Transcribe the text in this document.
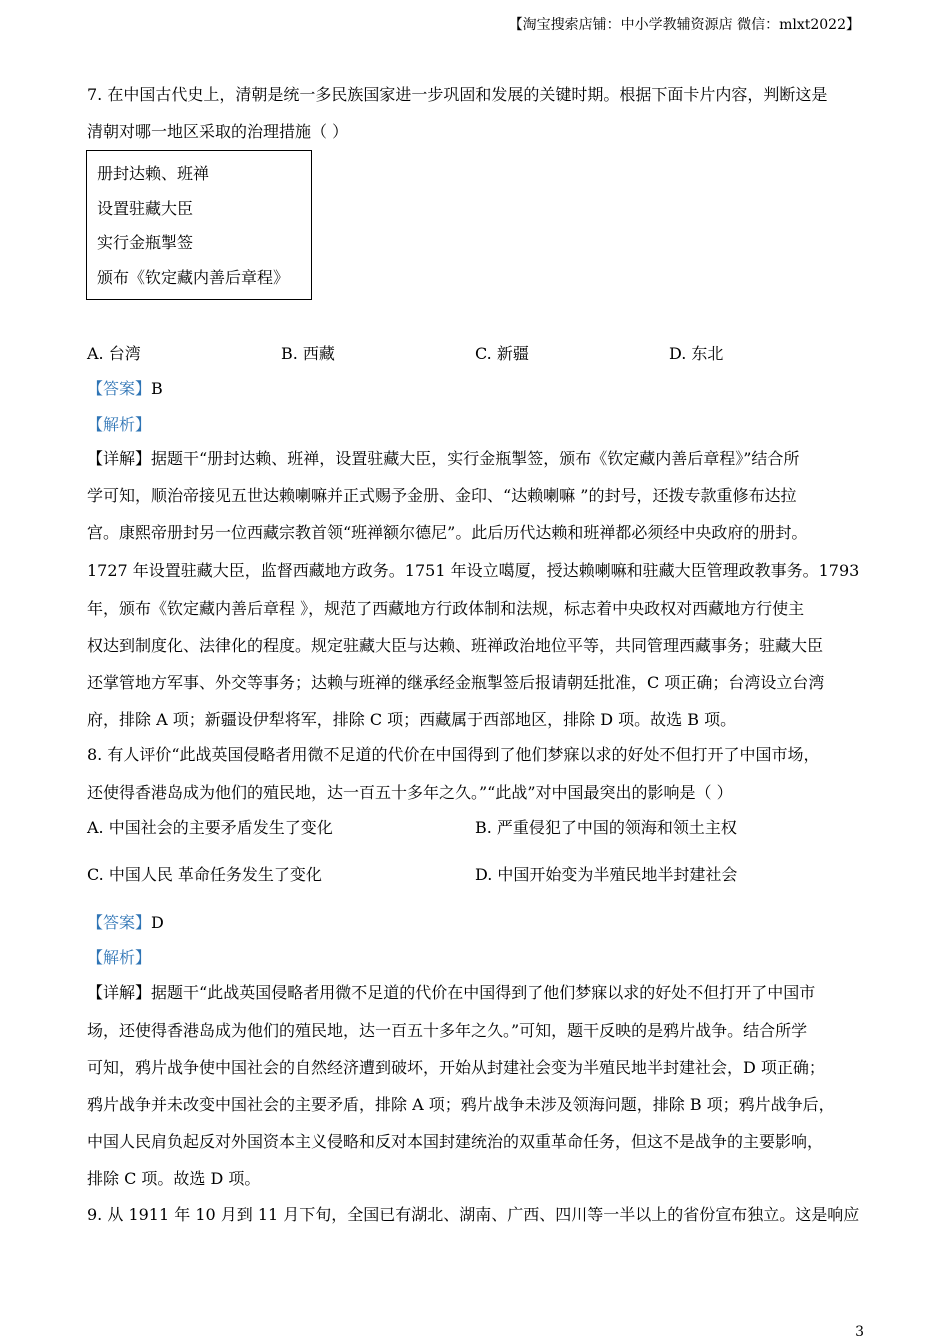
【淘宝搜索店铺：中小学教辅资源店 微信：mlxt2022】
7. 在中国古代史上，清朝是统一多民族国家进一步巩固和发展的关键时期。根据下面卡片内容，判断这是
清朝对哪一地区采取的治理措施（ ）
册封达赖、班禅
设置驻藏大臣
实行金瓶掣签
颁布《钦定藏内善后章程》
A. 台湾	B. 西藏	C. 新疆	D. 东北
【答案】B
【解析】
【详解】据题干“册封达赖、班禅，设置驻藏大臣，实行金瓶掣签，颁布《钦定藏内善后章程》”结合所
学可知，顺治帝接见五世达赖喇嘛并正式赐予金册、金印、“达赖喇嘛 ”的封号，还拨专款重修布达拉
宫。康熙帝册封另一位西藏宗教首领“班禅额尔德尼”。此后历代达赖和班禅都必须经中央政府的册封。
1727 年设置驻藏大臣，监督西藏地方政务。1751 年设立噶厦，授达赖喇嘛和驻藏大臣管理政教事务。1793
年，颁布《钦定藏内善后章程 》，规范了西藏地方行政体制和法规，标志着中央政权对西藏地方行使主
权达到制度化、法律化的程度。规定驻藏大臣与达赖、班禅政治地位平等，共同管理西藏事务；驻藏大臣
还掌管地方军事、外交等事务；达赖与班禅的继承经金瓶掣签后报请朝廷批准，C 项正确；台湾设立台湾
府，排除 A 项；新疆设伊犁将军，排除 C 项；西藏属于西部地区，排除 D 项。故选 B 项。
8. 有人评价“此战英国侵略者用微不足道的代价在中国得到了他们梦寐以求的好处不但打开了中国市场，
还使得香港岛成为他们的殖民地，达一百五十多年之久。”“此战”对中国最突出的影响是（ ）
A. 中国社会的主要矛盾发生了变化	B. 严重侵犯了中国的领海和领土主权
C. 中国人民 革命任务发生了变化	D. 中国开始变为半殖民地半封建社会
【答案】D
【解析】
【详解】据题干“此战英国侵略者用微不足道的代价在中国得到了他们梦寐以求的好处不但打开了中国市
场，还使得香港岛成为他们的殖民地，达一百五十多年之久。”可知，题干反映的是鸦片战争。结合所学
可知，鸦片战争使中国社会的自然经济遭到破坏，开始从封建社会变为半殖民地半封建社会，D 项正确；
鸦片战争并未改变中国社会的主要矛盾，排除 A 项；鸦片战争未涉及领海问题，排除 B 项；鸦片战争后，
中国人民肩负起反对外国资本主义侵略和反对本国封建统治的双重革命任务，但这不是战争的主要影响，
排除 C 项。故选 D 项。
9. 从 1911 年 10 月到 11 月下旬，全国已有湖北、湖南、广西、四川等一半以上的省份宣布独立。这是响应
3
